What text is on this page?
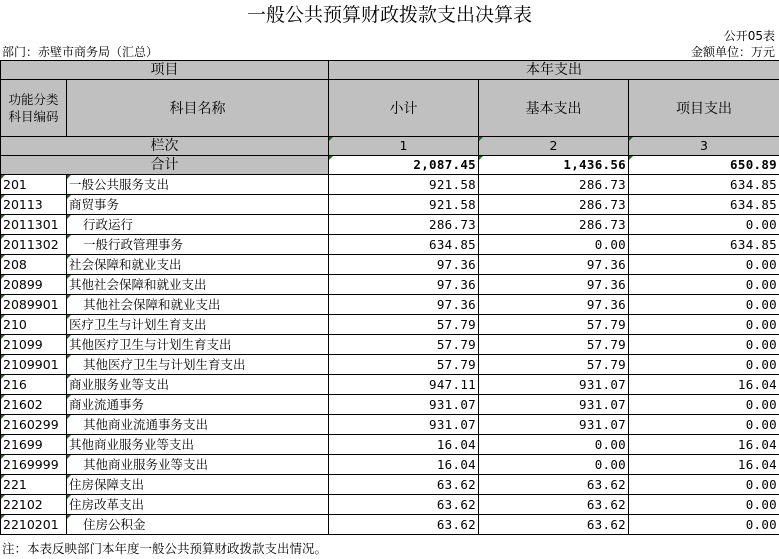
一般公共预算财政拨款支出决算表
公开05表
部门：赤壁市商务局（汇总）	金额单位：万元
项目		本年支出		
功能分类科目编码	科目名称	小计	基本支出	项目支出
栏次		1	2	3
合计		2,087.45	1,436.56	650.89
201	一般公共服务支出	921.58	286.73	634.85
20113	商贸事务	921.58	286.73	634.85
2011301	行政运行	286.73	286.73	0.00
2011302	一般行政管理事务	634.85	0.00	634.85
208	社会保障和就业支出	97.36	97.36	0.00
20899	其他社会保障和就业支出	97.36	97.36	0.00
2089901	其他社会保障和就业支出	97.36	97.36	0.00
210	医疗卫生与计划生育支出	57.79	57.79	0.00
21099	其他医疗卫生与计划生育支出	57.79	57.79	0.00
2109901	其他医疗卫生与计划生育支出	57.79	57.79	0.00
216	商业服务业等支出	947.11	931.07	16.04
21602	商业流通事务	931.07	931.07	0.00
2160299	其他商业流通事务支出	931.07	931.07	0.00
21699	其他商业服务业等支出	16.04	0.00	16.04
2169999	其他商业服务业等支出	16.04	0.00	16.04
221	住房保障支出	63.62	63.62	0.00
22102	住房改革支出	63.62	63.62	0.00
2210201	住房公积金	63.62	63.62	0.00
注：本表反映部门本年度一般公共预算财政拨款支出情况。
